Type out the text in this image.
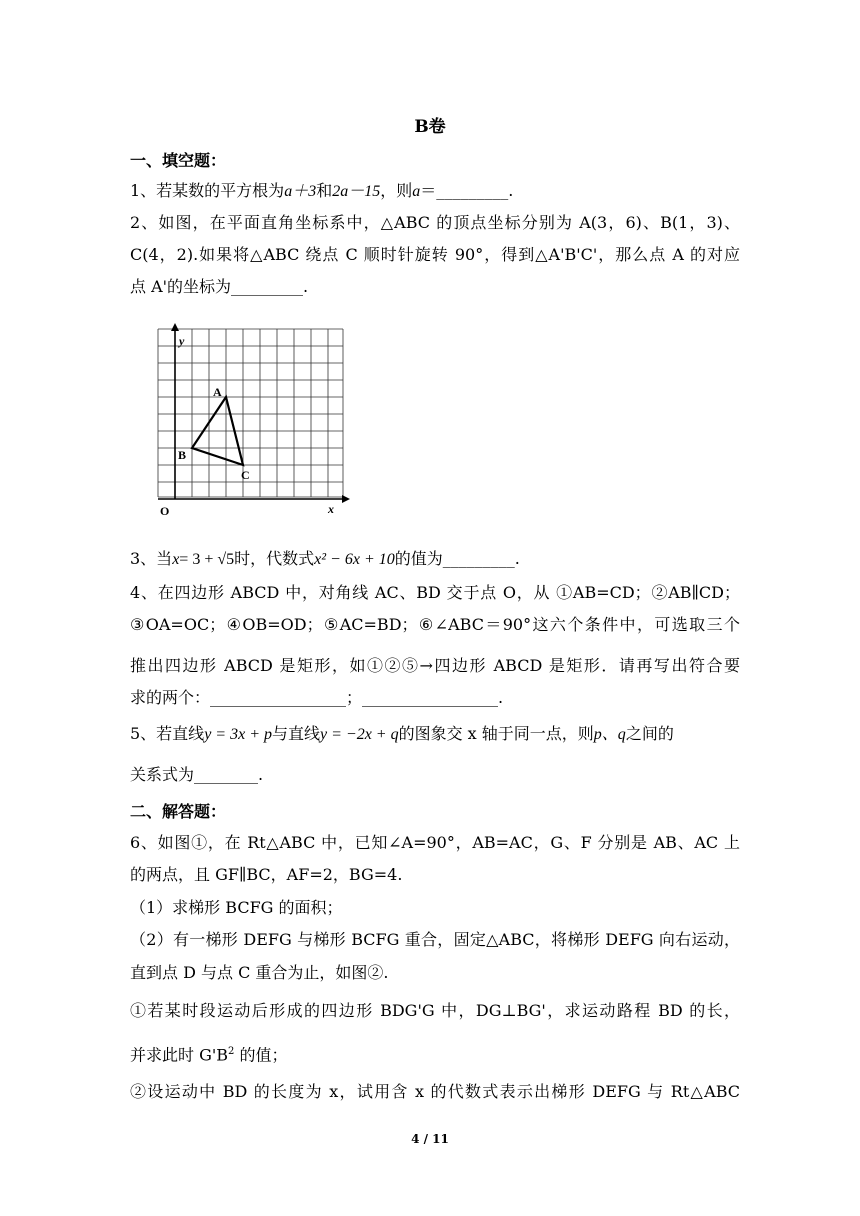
B卷
一、填空题：
1、若某数的平方根为a＋3和2a－15，则a＝_________.
2、如图，在平面直角坐标系中，△ABC 的顶点坐标分别为 A(3，6)、B(1，3)、
C(4，2).如果将△ABC 绕点 C 顺时针旋转 90°，得到△A'B'C'，那么点 A 的对应
点 A'的坐标为_________.
y
x
O
A
B
C
3、当x= 3 + √5时，代数式x² − 6x + 10的值为_________.
4、在四边形 ABCD 中，对角线 AC、BD 交于点 O，从 ①AB=CD；②AB∥CD；
③OA=OC；④OB=OD；⑤AC=BD；⑥∠ABC＝90°这六个条件中，可选取三个
推出四边形 ABCD 是矩形，如①②⑤→四边形 ABCD 是矩形．请再写出符合要
求的两个：_________________；_________________.
5、若直线y = 3x + p与直线y = −2x + q的图象交 x 轴于同一点，则p、q之间的
关系式为________.
二、解答题：
6、如图①，在 Rt△ABC 中，已知∠A=90°，AB=AC，G、F 分别是 AB、AC 上
的两点，且 GF∥BC，AF=2，BG=4.
（1）求梯形 BCFG 的面积；
（2）有一梯形 DEFG 与梯形 BCFG 重合，固定△ABC，将梯形 DEFG 向右运动，
直到点 D 与点 C 重合为止，如图②.
①若某时段运动后形成的四边形 BDG'G 中，DG⊥BG'，求运动路程 BD 的长，
并求此时 $G'B^2$ 的值；
②设运动中 BD 的长度为 x，试用含 x 的代数式表示出梯形 DEFG 与 Rt△ABC
4 / 11
